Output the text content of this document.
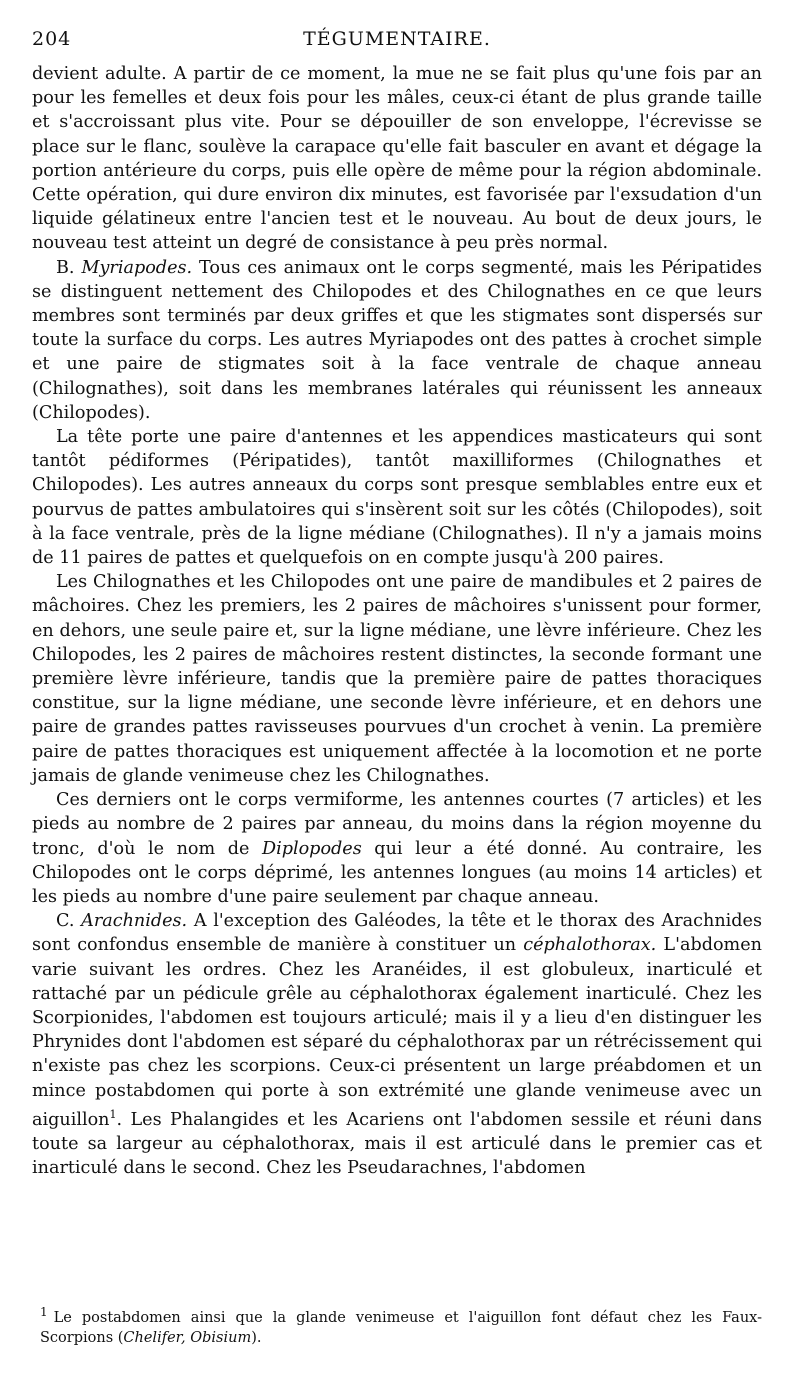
204	TÉGUMENTAIRE.

devient adulte. A partir de ce moment, la mue ne se fait plus qu'une fois par an pour les femelles et deux fois pour les mâles, ceux-ci étant de plus grande taille et s'accroissant plus vite. Pour se dépouiller de son enveloppe, l'écrevisse se place sur le flanc, soulève la carapace qu'elle fait basculer en avant et dégage la portion antérieure du corps, puis elle opère de même pour la région abdominale. Cette opération, qui dure environ dix minutes, est favorisée par l'exsudation d'un liquide gélatineux entre l'ancien test et le nouveau. Au bout de deux jours, le nouveau test atteint un degré de consistance à peu près normal.

B. Myriapodes. Tous ces animaux ont le corps segmenté, mais les Péripatides se distinguent nettement des Chilopodes et des Chilognathes en ce que leurs membres sont terminés par deux griffes et que les stigmates sont dispersés sur toute la surface du corps. Les autres Myriapodes ont des pattes à crochet simple et une paire de stigmates soit à la face ventrale de chaque anneau (Chilognathes), soit dans les membranes latérales qui réunissent les anneaux (Chilopodes).

La tête porte une paire d'antennes et les appendices masticateurs qui sont tantôt pédiformes (Péripatides), tantôt maxilliformes (Chilognathes et Chilopodes). Les autres anneaux du corps sont presque semblables entre eux et pourvus de pattes ambulatoires qui s'insèrent soit sur les côtés (Chilopodes), soit à la face ventrale, près de la ligne médiane (Chilognathes). Il n'y a jamais moins de 11 paires de pattes et quelquefois on en compte jusqu'à 200 paires.

Les Chilognathes et les Chilopodes ont une paire de mandibules et 2 paires de mâchoires. Chez les premiers, les 2 paires de mâchoires s'unissent pour former, en dehors, une seule paire et, sur la ligne médiane, une lèvre inférieure. Chez les Chilopodes, les 2 paires de mâchoires restent distinctes, la seconde formant une première lèvre inférieure, tandis que la première paire de pattes thoraciques constitue, sur la ligne médiane, une seconde lèvre inférieure, et en dehors une paire de grandes pattes ravisseuses pourvues d'un crochet à venin. La première paire de pattes thoraciques est uniquement affectée à la locomotion et ne porte jamais de glande venimeuse chez les Chilognathes.

Ces derniers ont le corps vermiforme, les antennes courtes (7 articles) et les pieds au nombre de 2 paires par anneau, du moins dans la région moyenne du tronc, d'où le nom de Diplopodes qui leur a été donné. Au contraire, les Chilopodes ont le corps déprimé, les antennes longues (au moins 14 articles) et les pieds au nombre d'une paire seulement par chaque anneau.

C. Arachnides. A l'exception des Galéodes, la tête et le thorax des Arachnides sont confondus ensemble de manière à constituer un céphalothorax. L'abdomen varie suivant les ordres. Chez les Aranéides, il est globuleux, inarticulé et rattaché par un pédicule grêle au céphalothorax également inarticulé. Chez les Scorpionides, l'abdomen est toujours articulé; mais il y a lieu d'en distinguer les Phrynides dont l'abdomen est séparé du céphalothorax par un rétrécissement qui n'existe pas chez les scorpions. Ceux-ci présentent un large préabdomen et un mince postabdomen qui porte à son extrémité une glande venimeuse avec un aiguillon$^1$. Les Phalangides et les Acariens ont l'abdomen sessile et réuni dans toute sa largeur au céphalothorax, mais il est articulé dans le premier cas et inarticulé dans le second. Chez les Pseudarachnes, l'abdomen

$^1$ Le postabdomen ainsi que la glande venimeuse et l'aiguillon font défaut chez les Faux-Scorpions (Chelifer, Obisium).
